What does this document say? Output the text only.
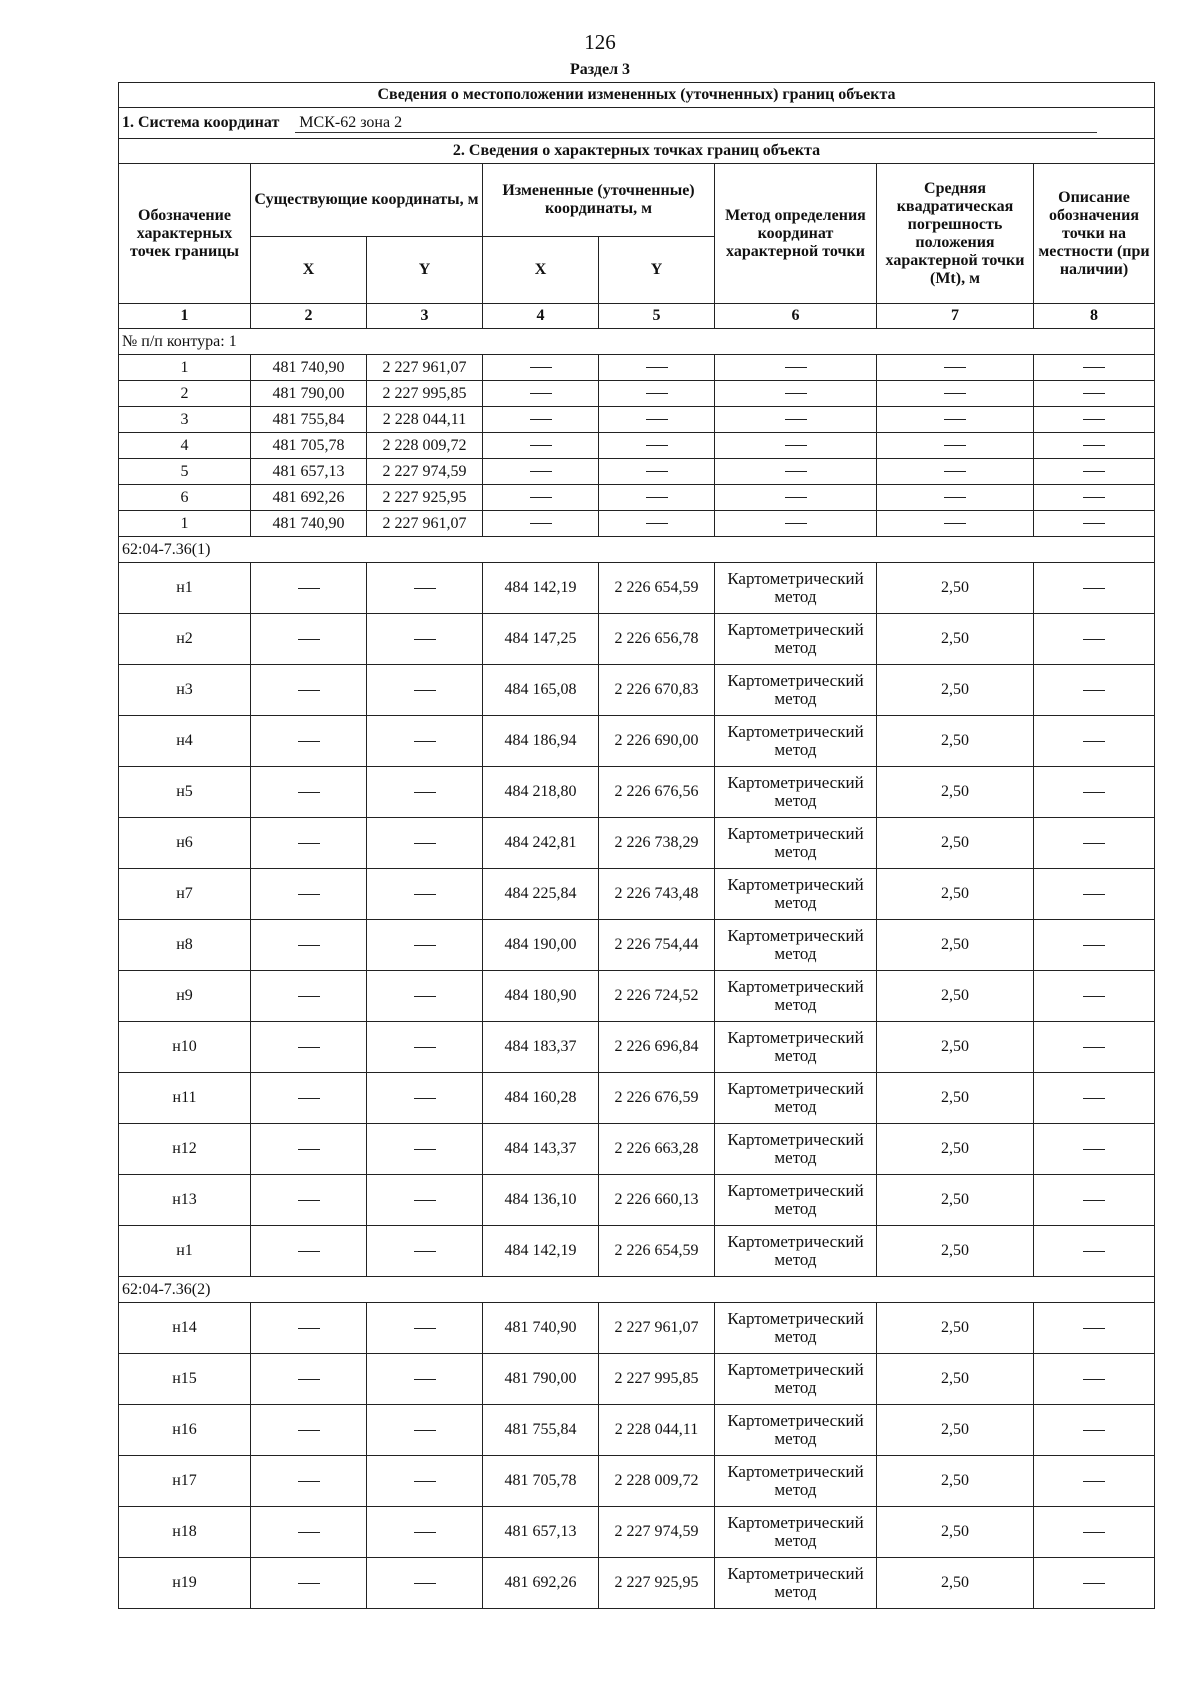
126
Раздел 3
Сведения о местоположении измененных (уточненных) границ объекта							
1. Система координат МСК-62 зона 2							
2. Сведения о характерных точках границ объекта							
Обозначение характерных точек границы	Существующие координаты, м		Измененные (уточненные) координаты, м		Метод определения координат характерной точки	Средняя квадратическая погрешность положения характерной точки (Mt), м	Описание обозначения точки на местности (при наличии)
	X	Y	X	Y			
1	2	3	4	5	6	7	8
№ п/п контура: 1							
1	481 740,90	2 227 961,07					
2	481 790,00	2 227 995,85					
3	481 755,84	2 228 044,11					
4	481 705,78	2 228 009,72					
5	481 657,13	2 227 974,59					
6	481 692,26	2 227 925,95					
1	481 740,90	2 227 961,07					
62:04-7.36(1)							
н1			484 142,19	2 226 654,59	Картометрический метод	2,50	
н2			484 147,25	2 226 656,78	Картометрический метод	2,50	
н3			484 165,08	2 226 670,83	Картометрический метод	2,50	
н4			484 186,94	2 226 690,00	Картометрический метод	2,50	
н5			484 218,80	2 226 676,56	Картометрический метод	2,50	
н6			484 242,81	2 226 738,29	Картометрический метод	2,50	
н7			484 225,84	2 226 743,48	Картометрический метод	2,50	
н8			484 190,00	2 226 754,44	Картометрический метод	2,50	
н9			484 180,90	2 226 724,52	Картометрический метод	2,50	
н10			484 183,37	2 226 696,84	Картометрический метод	2,50	
н11			484 160,28	2 226 676,59	Картометрический метод	2,50	
н12			484 143,37	2 226 663,28	Картометрический метод	2,50	
н13			484 136,10	2 226 660,13	Картометрический метод	2,50	
н1			484 142,19	2 226 654,59	Картометрический метод	2,50	
62:04-7.36(2)							
н14			481 740,90	2 227 961,07	Картометрический метод	2,50	
н15			481 790,00	2 227 995,85	Картометрический метод	2,50	
н16			481 755,84	2 228 044,11	Картометрический метод	2,50	
н17			481 705,78	2 228 009,72	Картометрический метод	2,50	
н18			481 657,13	2 227 974,59	Картометрический метод	2,50	
н19			481 692,26	2 227 925,95	Картометрический метод	2,50	
